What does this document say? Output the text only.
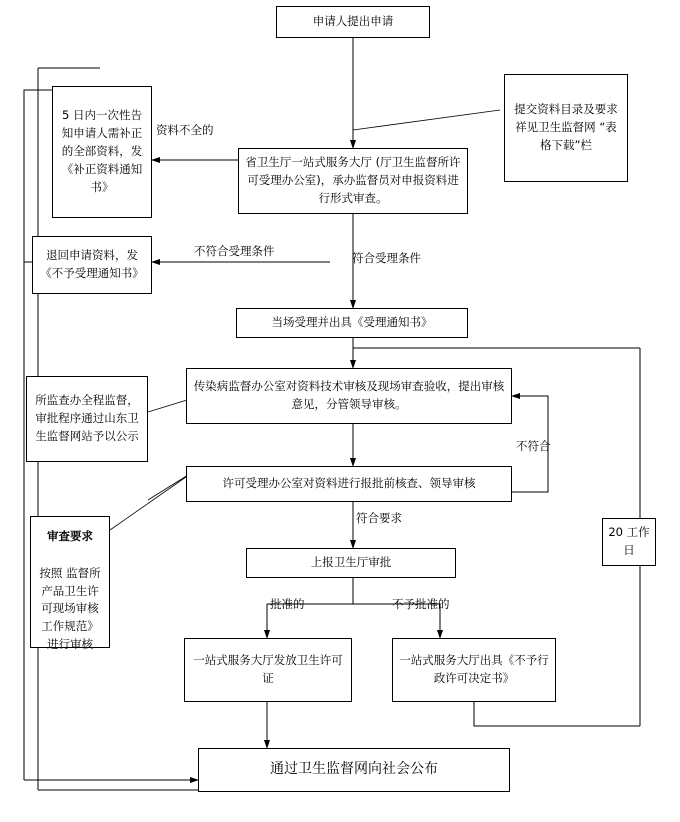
申请人提出申请
提交资料目录及要求祥见卫生监督网 “表格下载”栏
5 日内一次性告知申请人需补正的全部资料，发《补正资料通知书》
省卫生厅一站式服务大厅 (厅卫生监督所许可受理办公室)，承办监督员对申报资料进行形式审查。
退回申请资料，发《不予受理通知书》
当场受理并出具《受理通知书》
传染病监督办公室对资料技术审核及现场审查验收，提出审核意见，分管领导审核。
所监查办全程监督，审批程序通过山东卫生监督网站予以公示
许可受理办公室对资料进行报批前核查、领导审核

审查要求

按照 监督所产品卫生许可现场审核工作规范》进行审核

上报卫生厅审批
一站式服务大厅发放卫生许可证
一站式服务大厅出具《不予行政许可决定书》
通过卫生监督网向社会公布
20 工作日
资料不全的
不符合受理条件	符合受理条件
不符合
符合要求
批准的	不予批准的
